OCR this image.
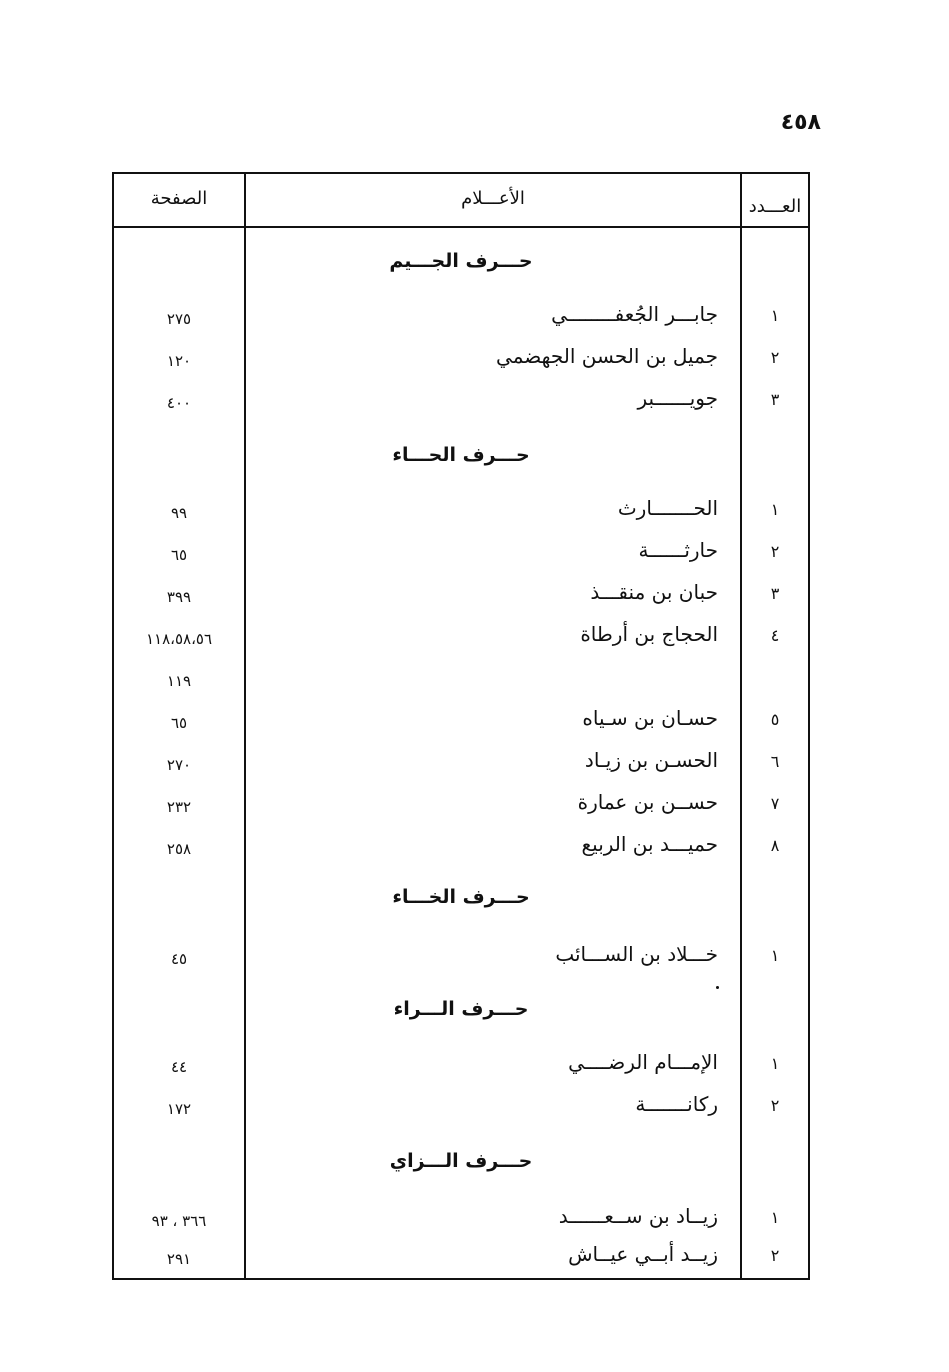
٤٥٨
الصفحة	الأعـــلام	العـــدد
حـــرف الجـــيم
١
جابـــر الجُعفــــــــي
٢٧٥
٢
جميل بن الحسن الجهضمي
١٢٠
٣
جويــــــبر
٤٠٠
حـــرف الحـــاء
١
الحـــــــارث
٩٩
٢
حارثــــــة
٦٥
٣
حبان بن منقـــذ
٣٩٩
٤
الحجاج بن أرطاة
١١٨،٥٨،٥٦
١١٩
٥
حسـان بن سـياه
٦٥
٦
الحسـن بن زيـاد
٢٧٠
٧
حســن بن عمارة
٢٣٢
٨
حميـــد بن الربيع
٢٥٨
حـــرف الخـــاء
١
خـــلاد بن الســـائب
٤٥
حـــرف الـــراء
١
الإمـــام الرضــــي
٤٤
٢
ركانـــــــة
١٧٢
حـــرف الـــزاي
١
زيــاد بن ســعــــــد
٣٦٦ ، ٩٣
٢
زيــد أبــي عيــاش
٢٩١
